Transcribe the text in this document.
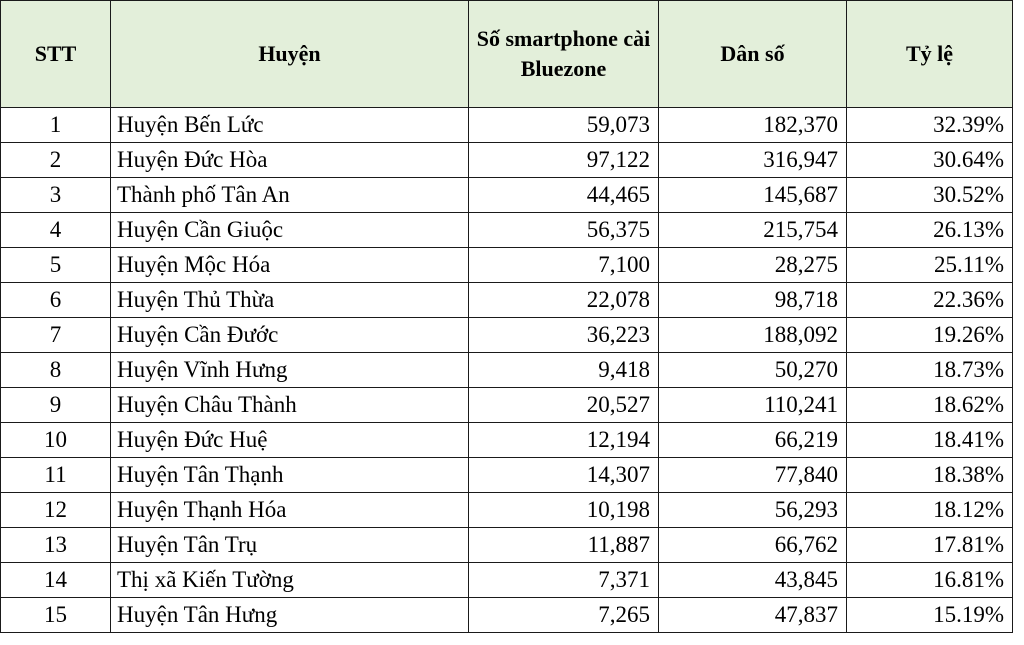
STT	Huyện	Số smartphone cài Bluezone	Dân số	Tỷ lệ
1	Huyện Bến Lức	59,073	182,370	32.39%
2	Huyện Đức Hòa	97,122	316,947	30.64%
3	Thành phố Tân An	44,465	145,687	30.52%
4	Huyện Cần Giuộc	56,375	215,754	26.13%
5	Huyện Mộc Hóa	7,100	28,275	25.11%
6	Huyện Thủ Thừa	22,078	98,718	22.36%
7	Huyện Cần Đước	36,223	188,092	19.26%
8	Huyện Vĩnh Hưng	9,418	50,270	18.73%
9	Huyện Châu Thành	20,527	110,241	18.62%
10	Huyện Đức Huệ	12,194	66,219	18.41%
11	Huyện Tân Thạnh	14,307	77,840	18.38%
12	Huyện Thạnh Hóa	10,198	56,293	18.12%
13	Huyện Tân Trụ	11,887	66,762	17.81%
14	Thị xã Kiến Tường	7,371	43,845	16.81%
15	Huyện Tân Hưng	7,265	47,837	15.19%
